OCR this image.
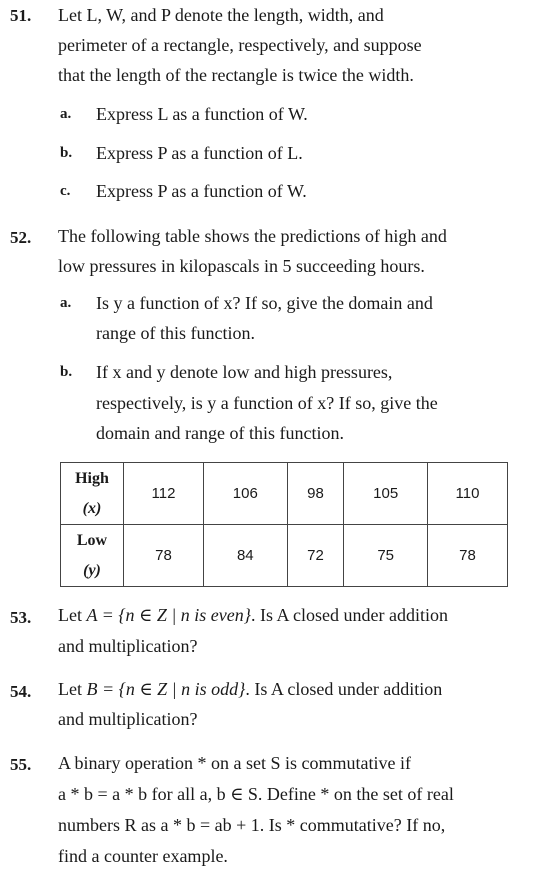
51. Let L, W, and P denote the length, width, and
perimeter of a rectangle, respectively, and suppose
that the length of the rectangle is twice the width.
a. Express L as a function of W.
b. Express P as a function of L.
c. Express P as a function of W.
52. The following table shows the predictions of high and
low pressures in kilopascals in 5 succeeding hours.
a. Is y a function of x? If so, give the domain and
range of this function.
b. If x and y denote low and high pressures,
respectively, is y a function of x? If so, give the
domain and range of this function.
High
(x)	112	106	98	105	110

Low
(y)	78	84	72	75	78
53. Let A = {n ∈ Z | n is even}. Is A closed under addition
and multiplication?
54. Let B = {n ∈ Z | n is odd}. Is A closed under addition
and multiplication?
55. A binary operation * on a set S is commutative if
a * b = a * b for all a, b ∈ S. Define * on the set of real
numbers R as a * b = ab + 1. Is * commutative? If no,
find a counter example.
